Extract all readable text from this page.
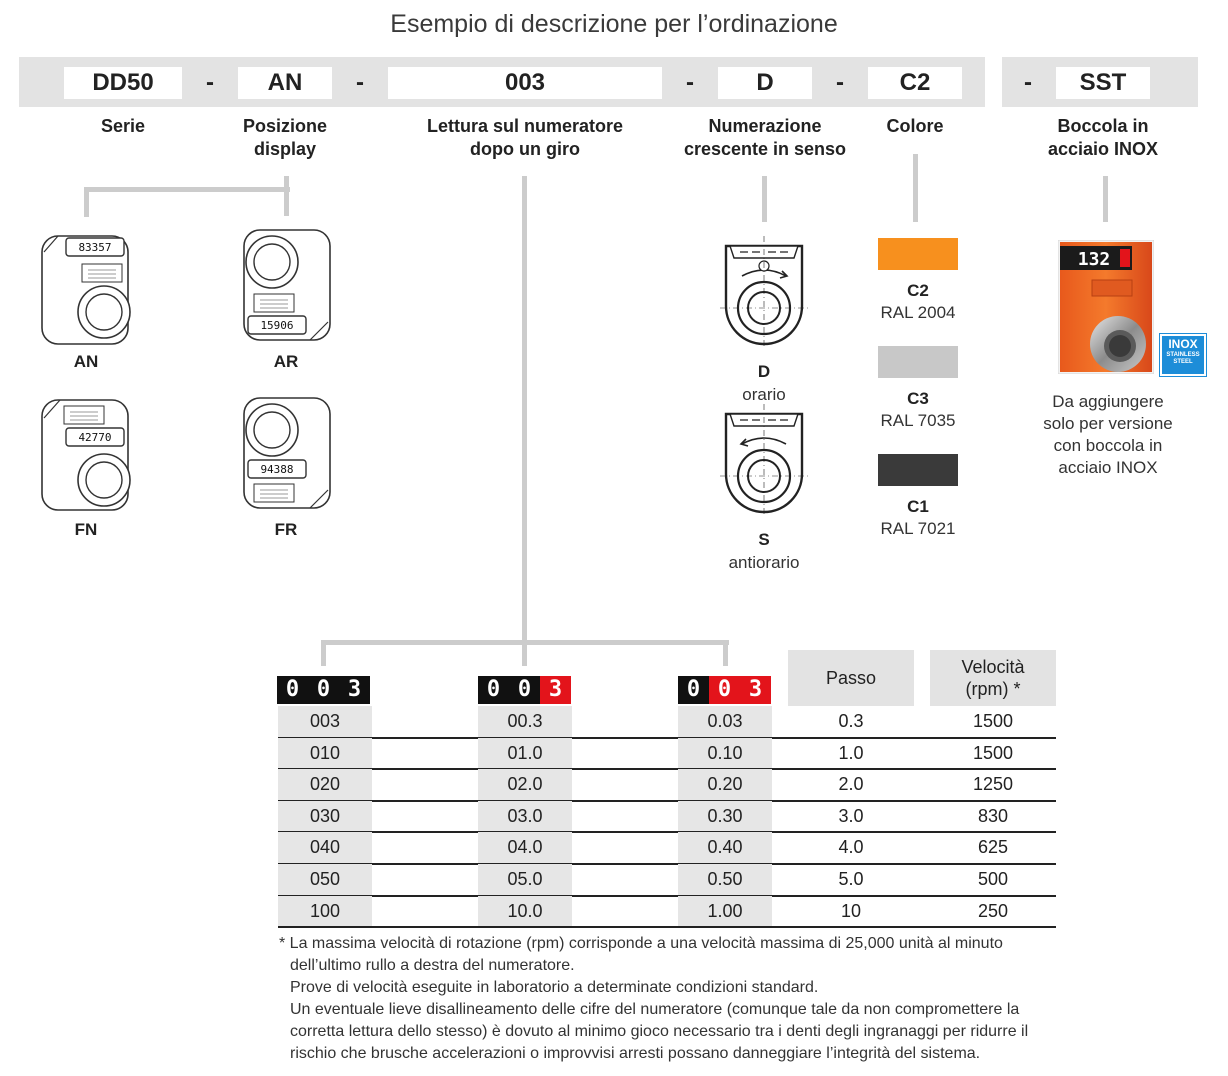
Esempio di descrizione per l’ordinazione
DD50	-	AN	-	003	-	D	-	C2	-	SST
Serie	Posizione
display
Lettura sul numeratore
dopo un giro
Numerazione
crescente in senso
Colore	Boccola in
acciaio INOX
83357
AN
15906
AR
42770
FN
94388
FR
D
orario
S
antiorario
C2
RAL 2004
C3
RAL 7035
C1
RAL 7021
132
INOX
STAINLESS STEEL
Da aggiungere
solo per versione
con boccola in
acciaio INOX
0 0 3	0 0 3	0 0 3	Passo
Velocità
(rpm) *
003	00.3	0.03	0.3	1500
010	01.0	0.10	1.0	1500
020	02.0	0.20	2.0	1250
030	03.0	0.30	3.0	830
040	04.0	0.40	4.0	625
050	05.0	0.50	5.0	500
100	10.0	1.00	10	250
* La massima velocità di rotazione (rpm) corrisponde a una velocità massima di 25,000 unità al minuto
dell’ultimo rullo a destra del numeratore.
Prove di velocità eseguite in laboratorio a determinate condizioni standard.
Un eventuale lieve disallineamento delle cifre del numeratore (comunque tale da non compromettere la
corretta lettura dello stesso) è dovuto al minimo gioco necessario tra i denti degli ingranaggi per ridurre il
rischio che brusche accelerazioni o improvvisi arresti possano danneggiare l’integrità del sistema.
